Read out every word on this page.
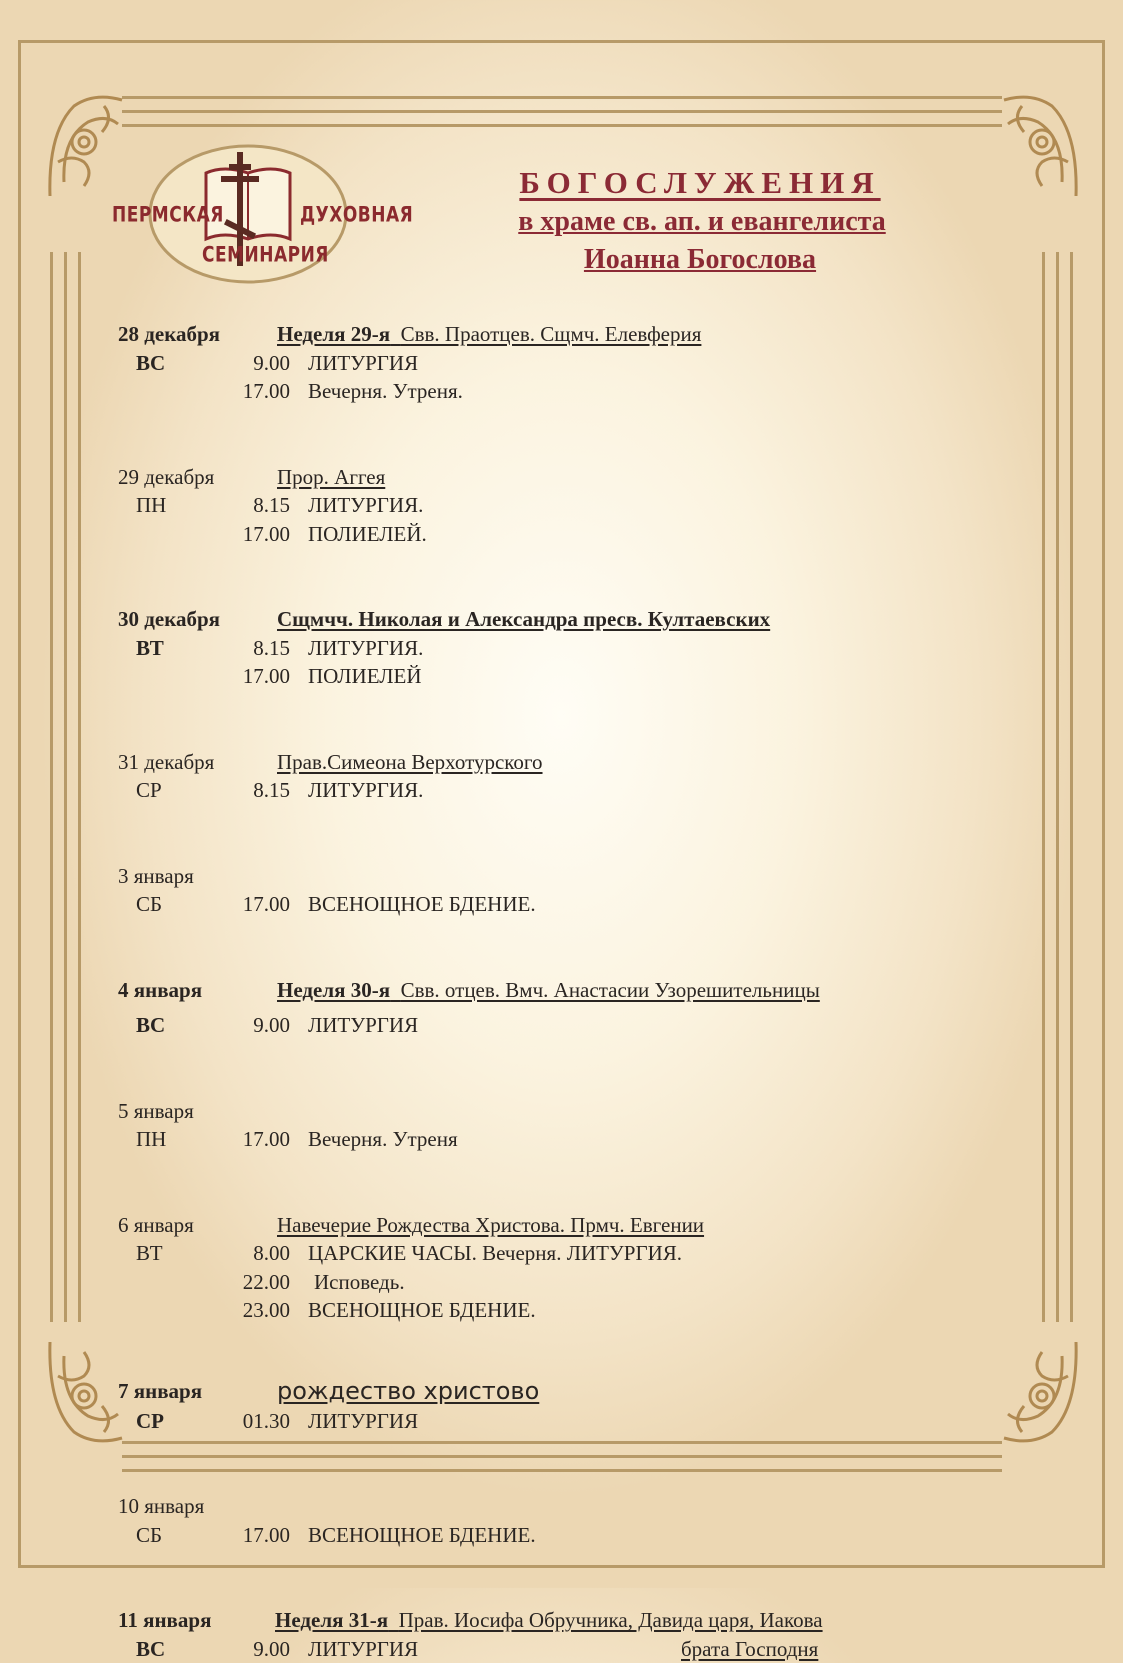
ПЕРМСКАЯ	ДУХОВНАЯ
СЕМИНАРИЯ
БОГОСЛУЖЕНИЯ
в храме св. ап. и евангелиста
Иоанна Богослова
28 декабря	Неделя 29-я Свв. Праотцев. Сщмч. Елевферия
ВС	9.00 ЛИТУРГИЯ
17.00 Вечерня. Утреня.
29 декабря	Прор. Аггея
ПН	8.15 ЛИТУРГИЯ.
17.00 ПОЛИЕЛЕЙ.
30 декабря	Сщмчч. Николая и Александра пресв. Култаевских
ВТ	8.15 ЛИТУРГИЯ.
17.00 ПОЛИЕЛЕЙ
31 декабря	Прав.Симеона Верхотурского
СР	8.15 ЛИТУРГИЯ.
3 января
СБ	17.00 ВСЕНОЩНОЕ БДЕНИЕ.
4 января	Неделя 30-я Свв. отцев. Вмч. Анастасии Узорешительницы
ВС	9.00 ЛИТУРГИЯ
5 января
ПН	17.00 Вечерня. Утреня
6 января	Навечерие Рождества Христова. Прмч. Евгении
ВТ	8.00 ЦАРСКИЕ ЧАСЫ. Вечерня. ЛИТУРГИЯ.
22.00 Исповедь.
23.00 ВСЕНОЩНОЕ БДЕНИЕ.
7 января	рождество христово
СР	01.30 ЛИТУРГИЯ
10 января
СБ	17.00 ВСЕНОЩНОЕ БДЕНИЕ.
11 января	Неделя 31-я Прав. Иосифа Обручника, Давида царя, Иакова
ВС	9.00 ЛИТУРГИЯ	брата Господня
